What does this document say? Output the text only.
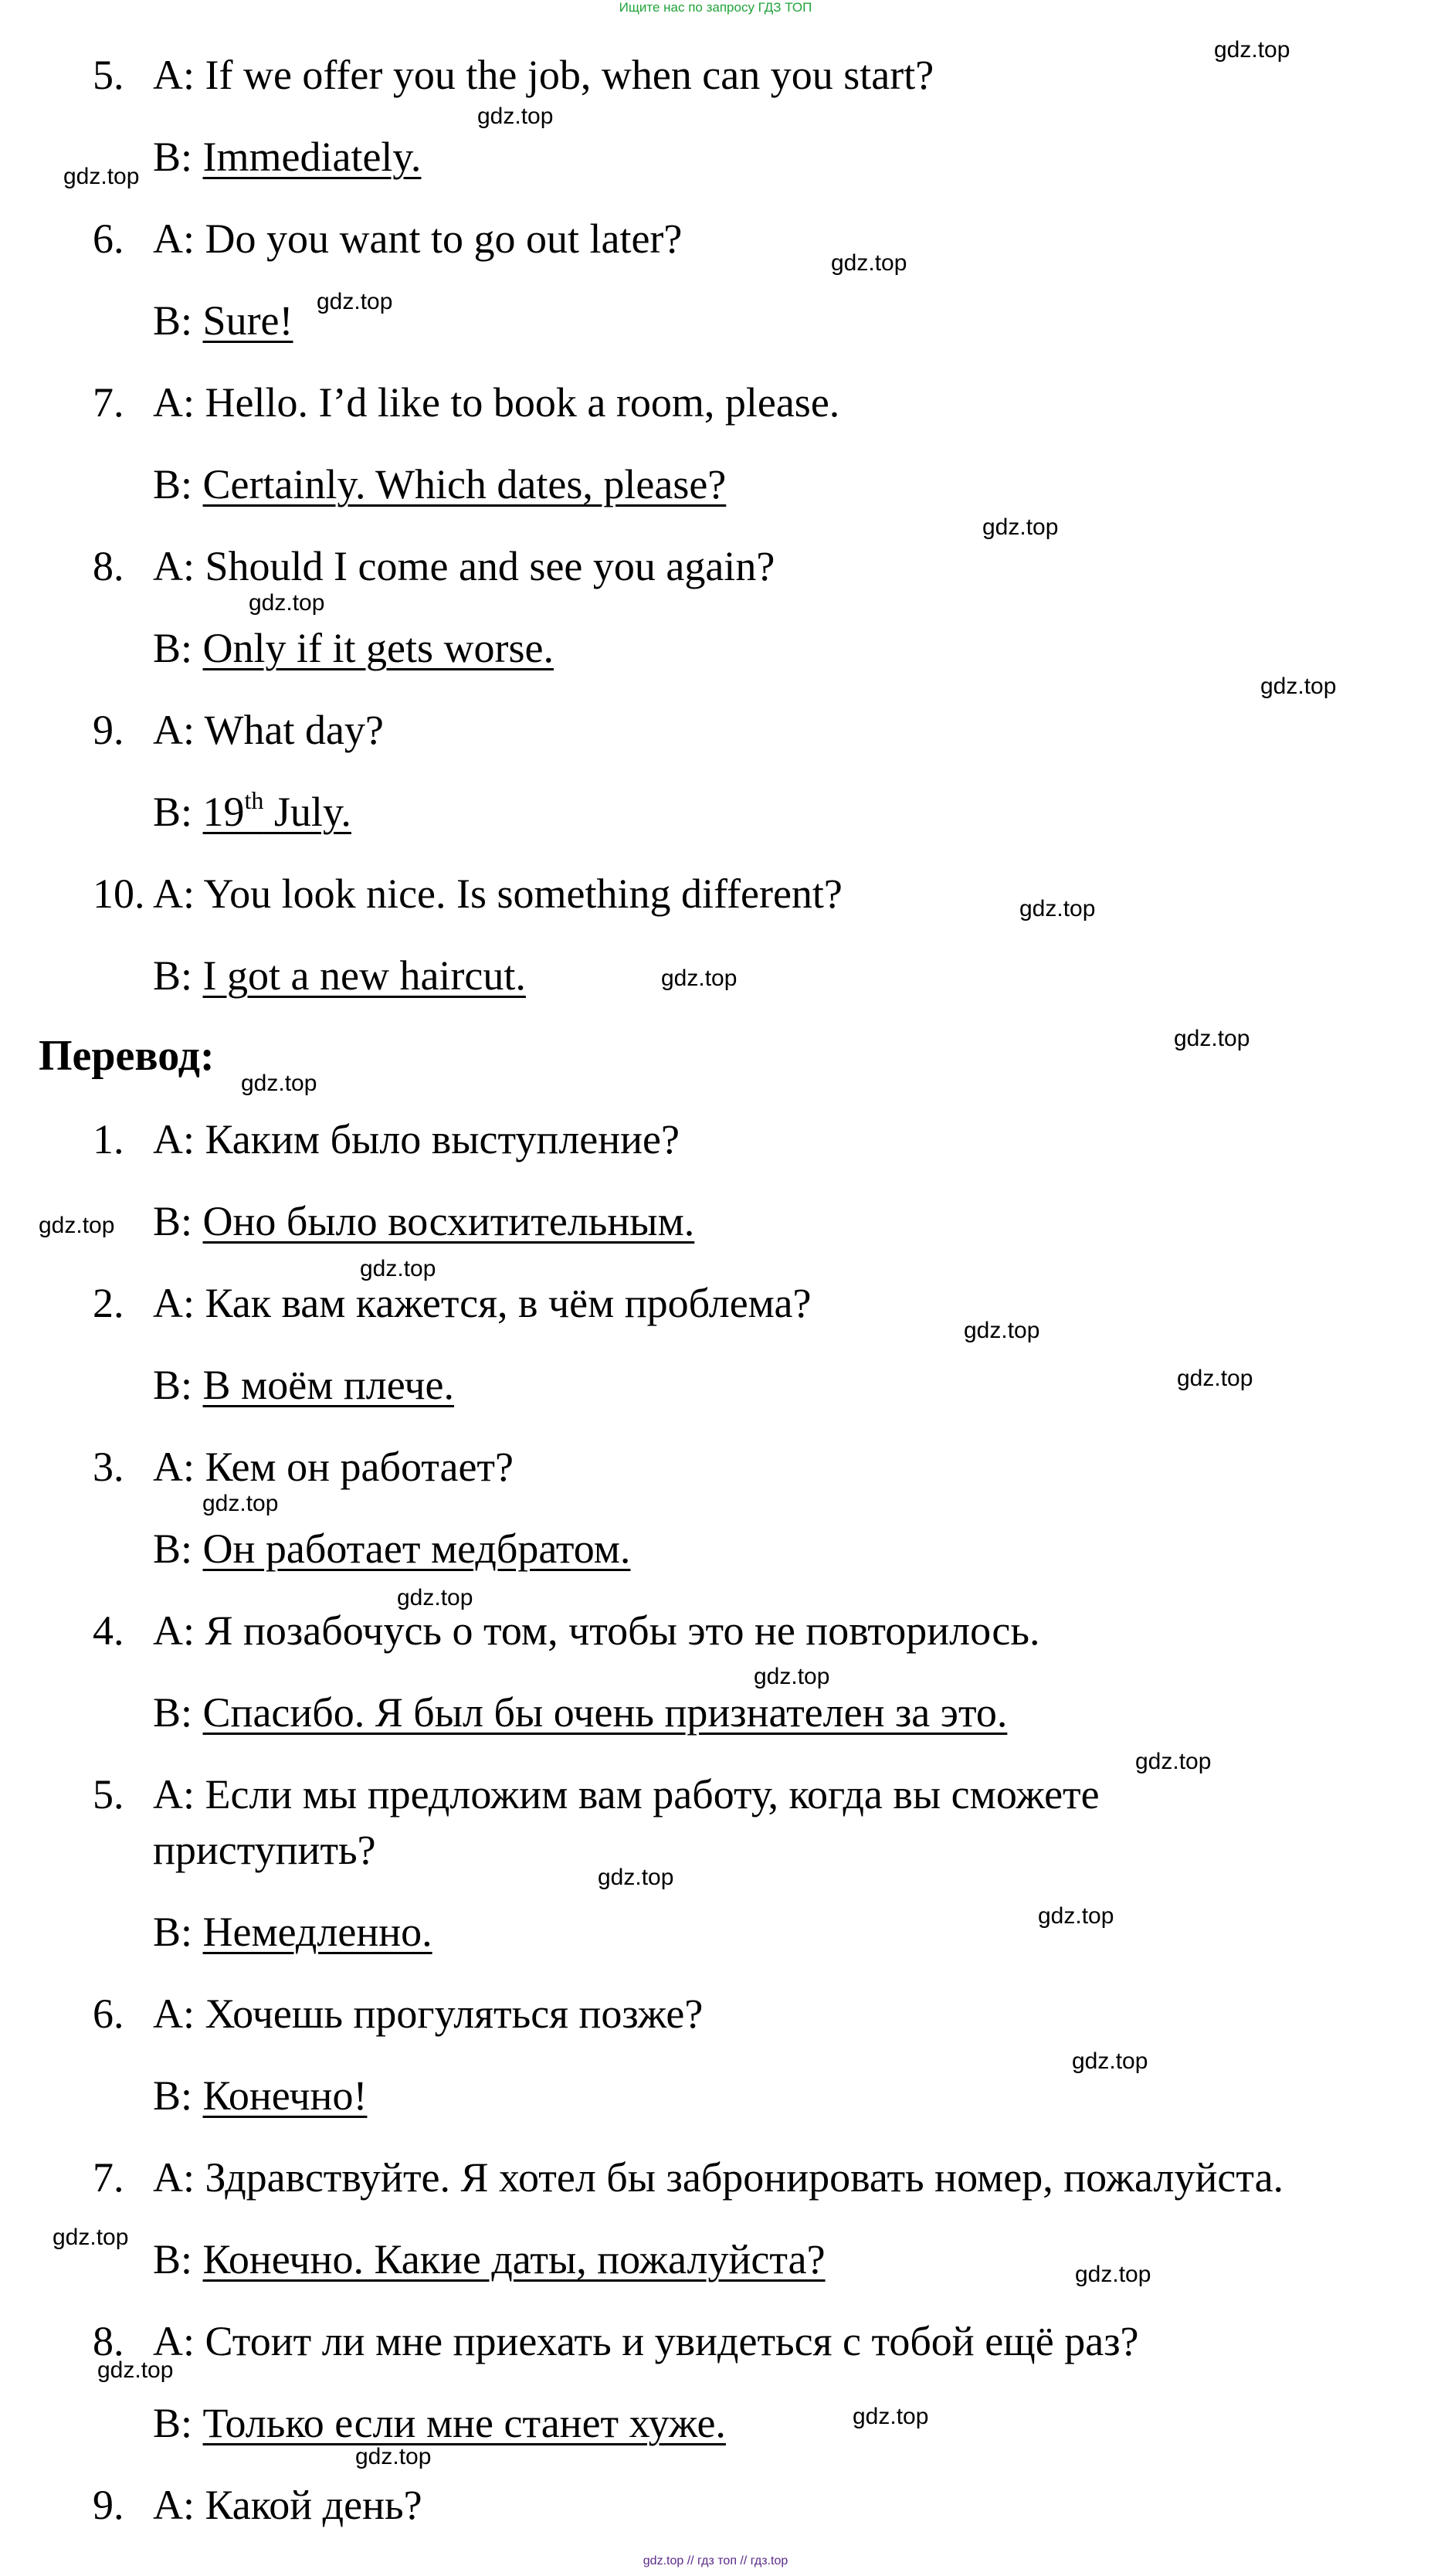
Ищите нас по запросу ГДЗ ТОП
5. A: If we offer you the job, when can you start?
B: Immediately.
6. A: Do you want to go out later?
B: Sure!
7. A: Hello. I’d like to book a room, please.
B: Certainly. Which dates, please?
8. A: Should I come and see you again?
B: Only if it gets worse.
9. A: What day?
B: 19th July.
10. A: You look nice. Is something different?
B: I got a new haircut.
Перевод:
1. A: Каким было выступление?
B: Оно было восхитительным.
2. A: Как вам кажется, в чём проблема?
B: В моём плече.
3. A: Кем он работает?
B: Он работает медбратом.
4. A: Я позабочусь о том, чтобы это не повторилось.
B: Спасибо. Я был бы очень признателен за это.
5. A: Если мы предложим вам работу, когда вы сможете
приступить?
B: Немедленно.
6. A: Хочешь прогуляться позже?
B: Конечно!
7. A: Здравствуйте. Я хотел бы забронировать номер, пожалуйста.
B: Конечно. Какие даты, пожалуйста?
8. A: Стоит ли мне приехать и увидеться с тобой ещё раз?
B: Только если мне станет хуже.
9. A: Какой день?
gdz.top
gdz.top
gdz.top
gdz.top
gdz.top
gdz.top
gdz.top
gdz.top
gdz.top
gdz.top
gdz.top
gdz.top
gdz.top
gdz.top
gdz.top
gdz.top
gdz.top
gdz.top
gdz.top
gdz.top
gdz.top
gdz.top
gdz.top
gdz.top
gdz.top
gdz.top
gdz.top
gdz.top
gdz.top // гдз топ // гдз.top
